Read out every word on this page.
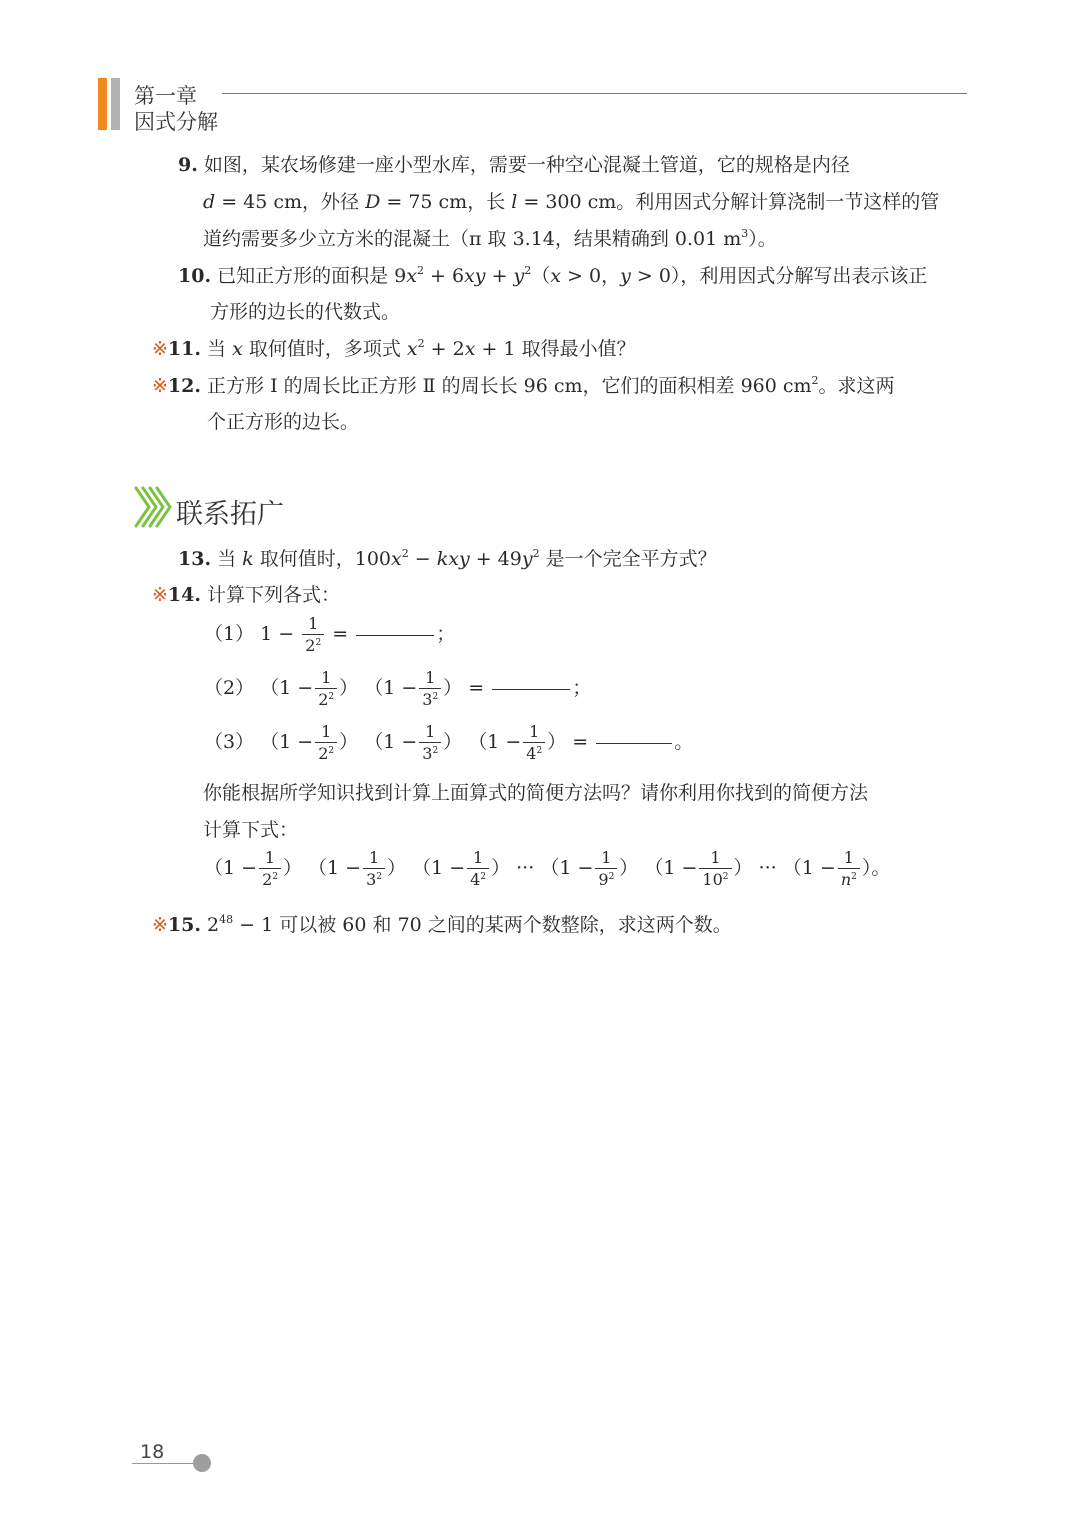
第一章
因式分解
9. 如图，某农场修建一座小型水库，需要一种空心混凝土管道，它的规格是内径
d = 45 cm，外径 D = 75 cm，长 l = 300 cm。利用因式分解计算浇制一节这样的管
道约需要多少立方米的混凝土（π 取 3.14，结果精确到 0.01 $m^3$）。
10. 已知正方形的面积是 $9x^2 + 6xy + y^2(x > 0$，y > 0），利用因式分解写出表示该正
方形的边长的代数式。
※11. 当 x 取何值时，多项式 $x^2 + 2x + 1$ 取得最小值？
※12. 正方形 Ⅰ 的周长比正方形 Ⅱ 的周长长 96 cm，它们的面积相差 960 $cm^2$。求这两
个正方形的边长。
联系拓广
13. 当 k 取何值时，$100x^2$ − kxy + $49y^2$ 是一个完全平方式？
※14. 计算下列各式：
（1） $1 - \frac{1}{2^2}$ =	；
（2） （$1 - \frac{1}{2^2}$ ） （$1 - \frac{1}{3^2}$ ） =	；
（3） （$1 - \frac{1}{2^2}$ ） （$1 - \frac{1}{3^2}$ ） （$1 - \frac{1}{4^2}$ ） =	。
你能根据所学知识找到计算上面算式的简便方法吗？请你利用你找到的简便方法
计算下式：
（$1 - \frac{1}{2^2}$ ） （$1 - \frac{1}{3^2}$ ） （$1 - \frac{1}{4^2}$ ） ··· （$1 - \frac{1}{9^2}$ ） （$1 - \frac{1}{10^2}$ ） ··· （$1 - \frac{1}{n^2}$ ）。
※15. $2^{48} - 1$ 可以被 60 和 70 之间的某两个数整除，求这两个数。
18
